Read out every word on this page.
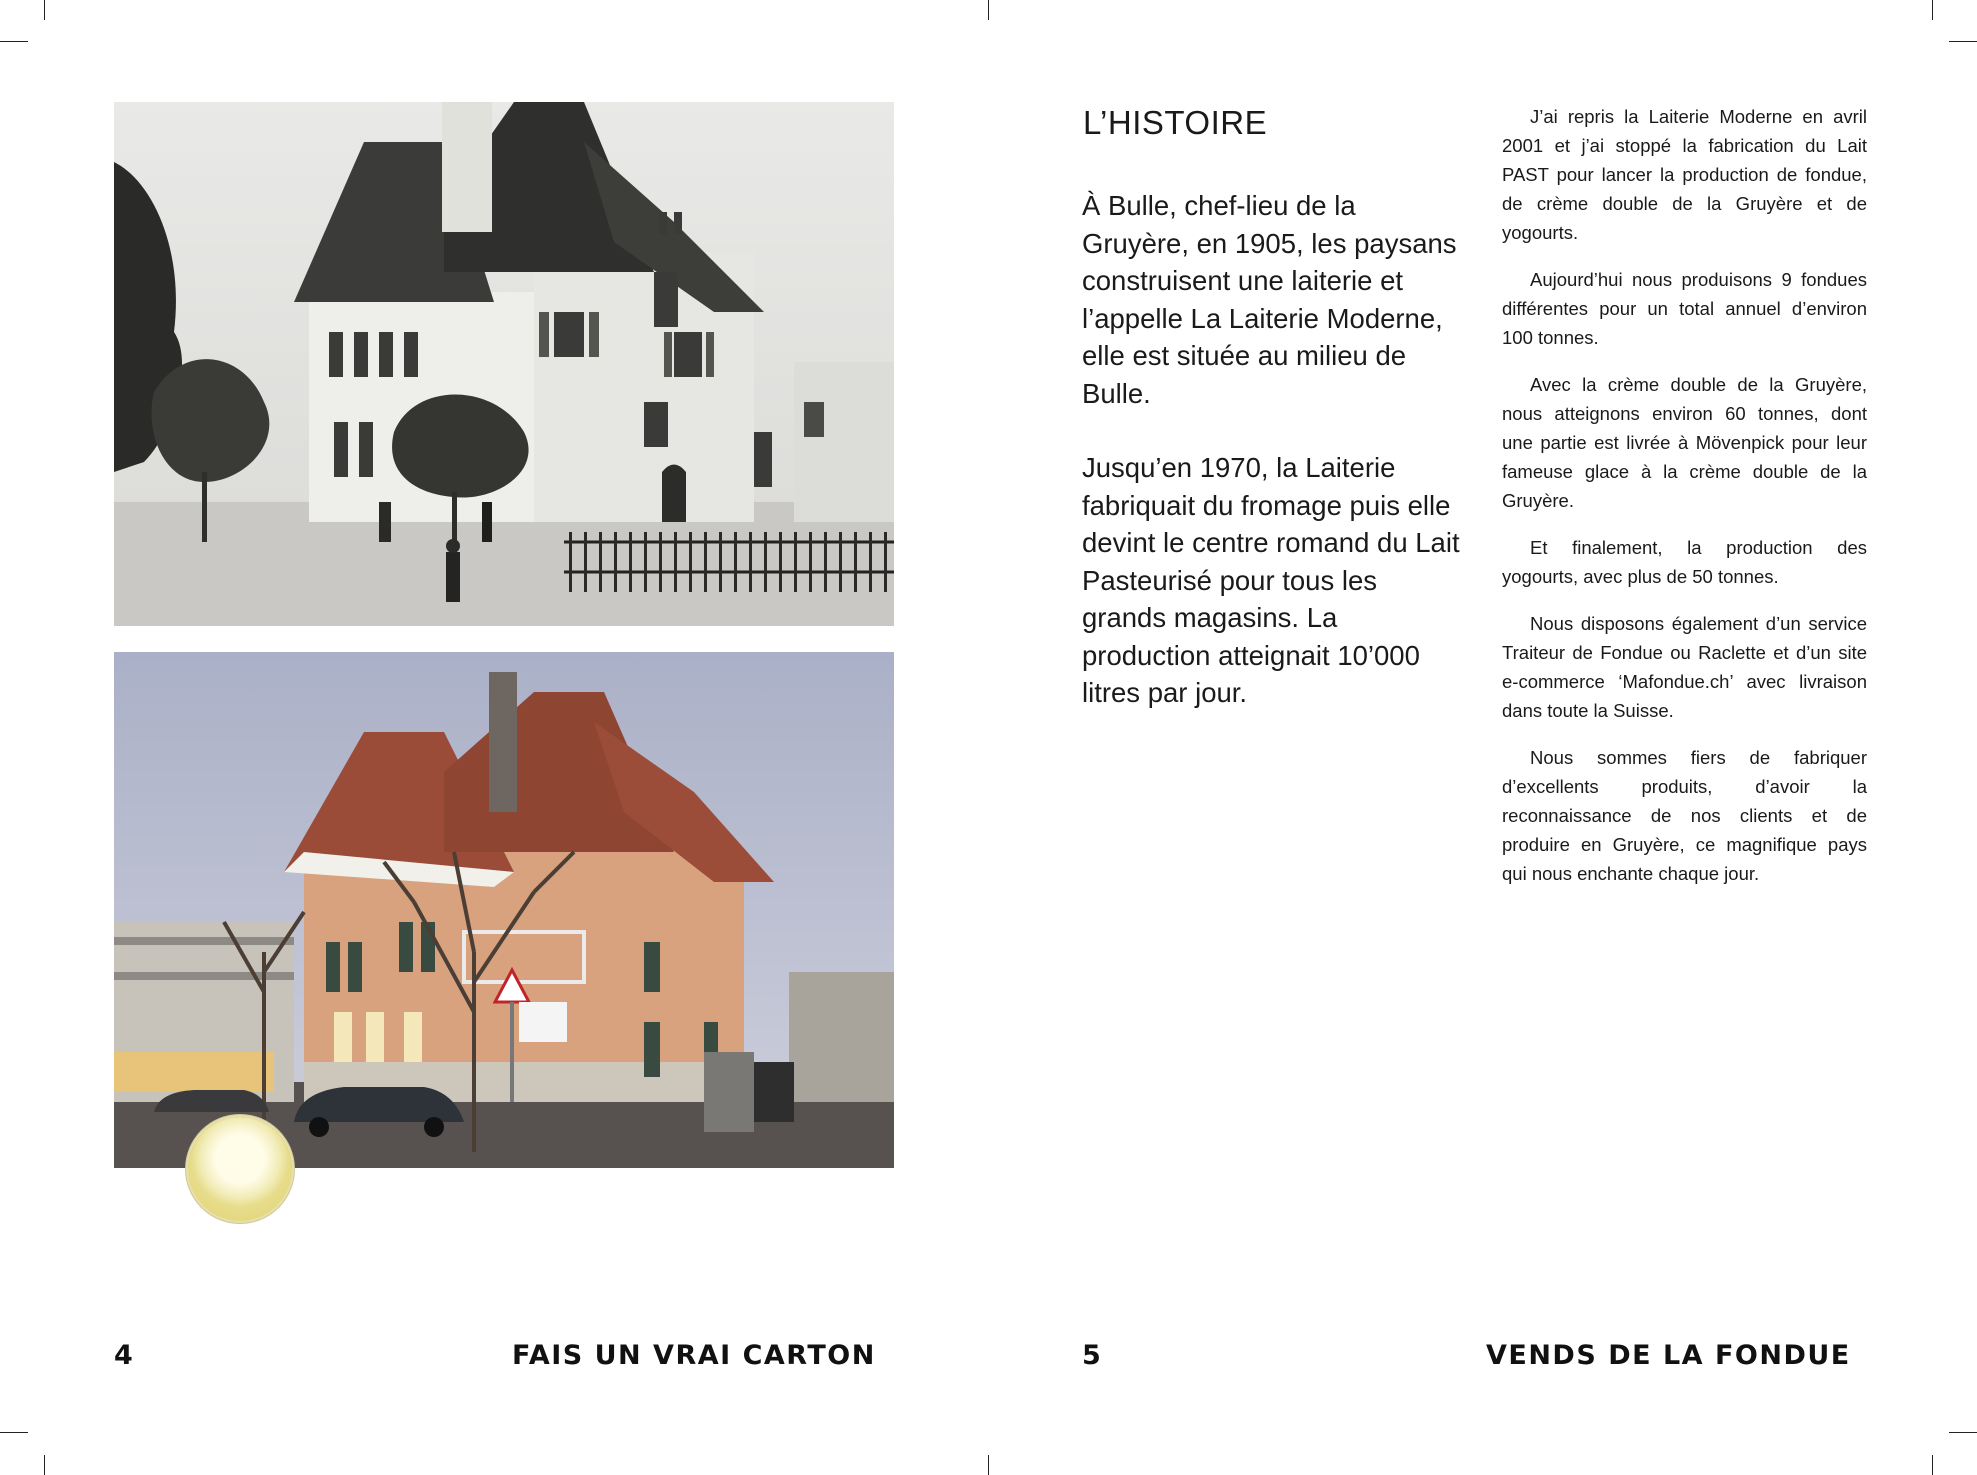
L’HISTOIRE

À Bulle, chef-lieu de la Gruyère, en 1905, les paysans construisent une laiterie et l’appelle La Laiterie Moderne, elle est située au milieu de Bulle.

Jusqu’en 1970, la Laiterie fabriquait du fromage puis elle devint le centre romand du Lait Pasteurisé pour tous les grands magasins. La production atteignait 10’000 litres par jour.

J’ai repris la Laiterie Moderne en avril 2001 et j’ai stoppé la fabrication du Lait PAST pour lancer la production de fondue, de crème double de la Gruyère et de yogourts.

Aujourd’hui nous produisons 9 fondues différentes pour un total annuel d’environ 100 tonnes.

Avec la crème double de la Gruyère, nous atteignons environ 60 tonnes, dont une partie est livrée à Mövenpick pour leur fameuse glace à la crème double de la Gruyère.

Et finalement, la production des yogourts, avec plus de 50 tonnes.

Nous disposons également d’un service Traiteur de Fondue ou Raclette et d’un site e-commerce ‘Mafondue.ch’ avec livraison dans toute la Suisse.

Nous sommes fiers de fabriquer d’excellents produits, d’avoir la reconnaissance de nos clients et de produire en Gruyère, ce magnifique pays qui nous enchante chaque jour.

4	FAIS UN VRAI CARTON	5	VENDS DE LA FONDUE
